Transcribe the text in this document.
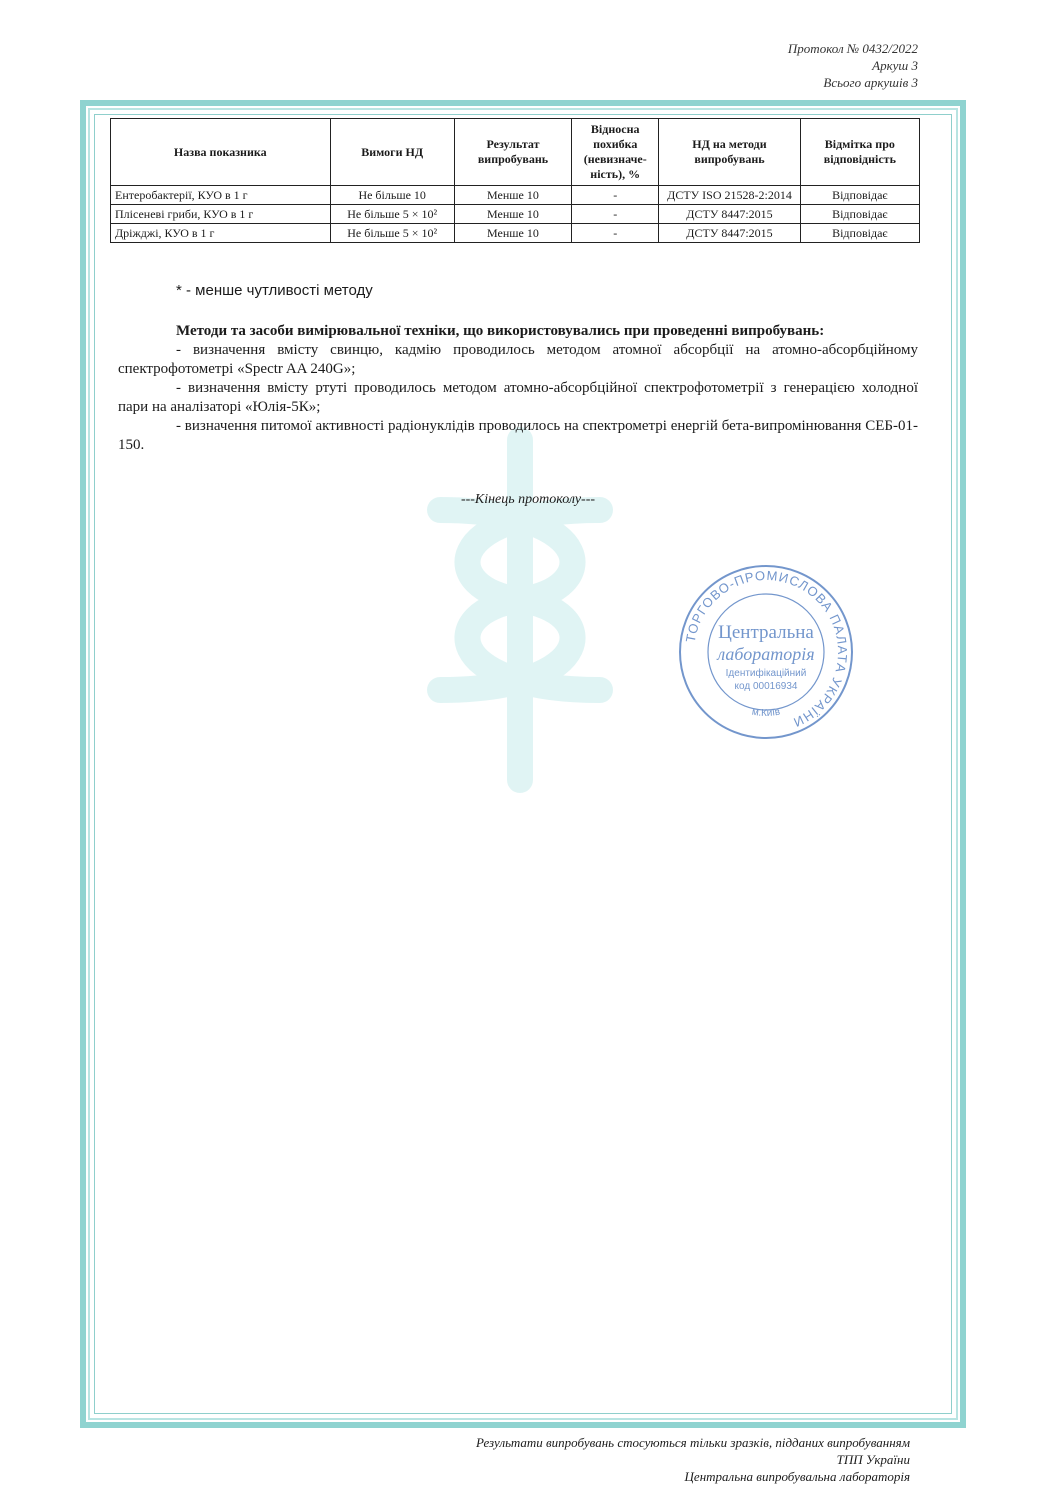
Протокол № 0432/2022
Аркуш 3
Всього аркушів 3
Назва показника	Вимоги НД	Результат випробувань	Відносна похибка (невизначе-ність), %	НД на методи випробувань	Відмітка про відповідність
Ентеробактерії, КУО в 1 г	Не більше 10	Менше 10	-	ДСТУ ISO 21528-2:2014	Відповідає
Плісеневі гриби, КУО в 1 г	Не більше 5 × 10²	Менше 10	-	ДСТУ 8447:2015	Відповідає
Дріжджі, КУО в 1 г	Не більше 5 × 10²	Менше 10	-	ДСТУ 8447:2015	Відповідає
* - менше чутливості методу

Методи та засоби вимірювальної техніки, що використовувались при проведенні випробувань:

- визначення вмісту свинцю, кадмію проводилось методом атомної абсорбції на атомно-абсорбційному спектрофотометрі «Spectr AA 240G»;

- визначення вмісту ртуті проводилось методом атомно-абсорбційної спектрофотометрії з генерацією холодної пари на аналізаторі «Юлія-5К»;

- визначення питомої активності радіонуклідів проводилось на спектрометрі енергій бета-випромінювання СЕБ-01-150.

---Кінець протоколу---
ТОРГОВО-ПРОМИСЛОВА ПАЛАТА УКРАЇНИ
м.Київ
Центральна
лабораторія
Ідентифікаційний
код 00016934
Результати випробувань стосуються тільки зразків, підданих випробуванням
ТПП України
Центральна випробувальна лабораторія
